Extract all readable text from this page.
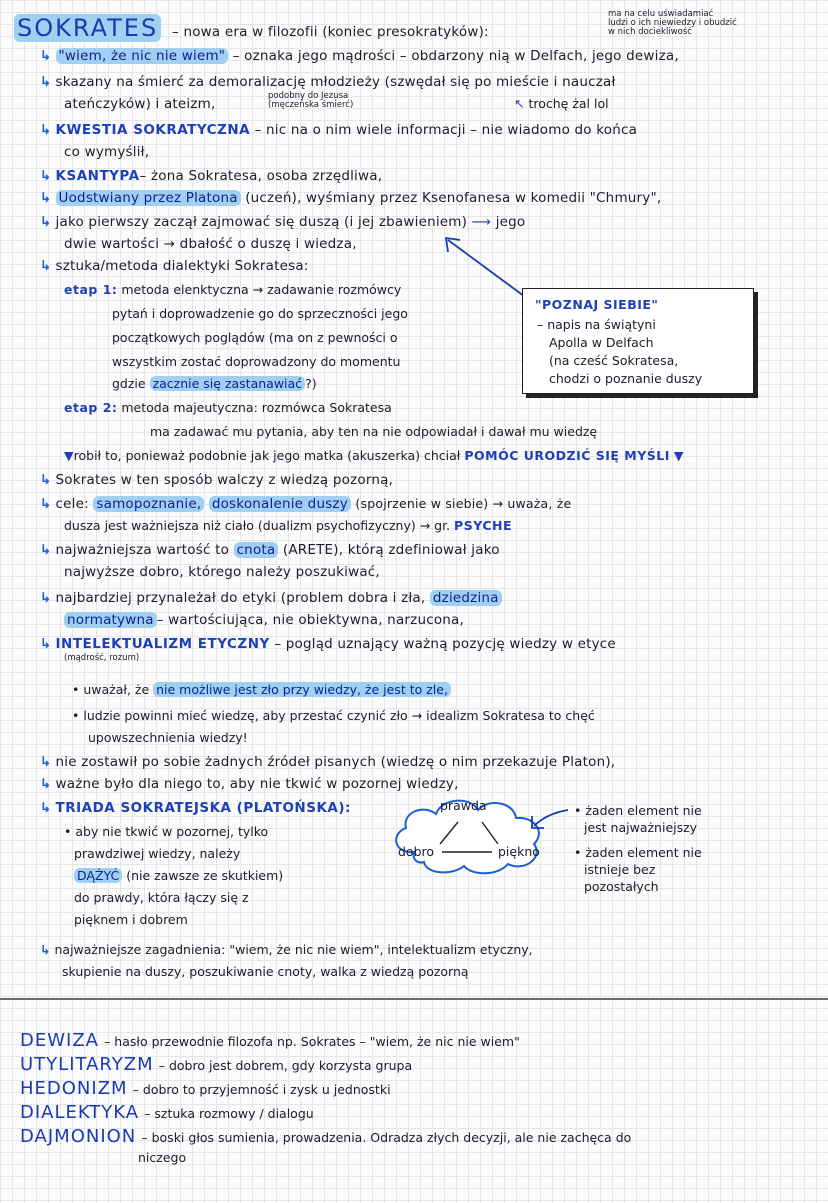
SOKRATES – nowa era w filozofii (koniec presokratyków):
ma na celu uświadamiać
ludzi o ich niewiedzy i obudzić
w nich dociekliwość
↳ "wiem, że nic nie wiem" – oznaka jego mądrości – obdarzony nią w Delfach, jego dewiza,
↳ skazany na śmierć za demoralizację młodzieży (szwędał się po mieście i nauczał
ateńczyków) i ateizm,	podobny do Jezusa
(męczeńska śmierć)	↖ trochę żal lol
↳ KWESTIA SOKRATYCZNA – nic na o nim wiele informacji – nie wiadomo do końca
co wymyślił,
↳ KSANTYPA– żona Sokratesa, osoba zrzędliwa,
↳ Uodstwiany przez Platona (uczeń), wyśmiany przez Ksenofanesa w komedii "Chmury",
↳ jako pierwszy zaczął zajmować się duszą (i jej zbawieniem) ⟶ jego
dwie wartości → dbałość o duszę i wiedza,
↳ sztuka/metoda dialektyki Sokratesa:
etap 1: metoda elenktyczna → zadawanie rozmówcy
pytań i doprowadzenie go do sprzeczności jego
początkowych poglądów (ma on z pewności o
wszystkim zostać doprowadzony do momentu
gdzie zacznie się zastanawiać ?)
"POZNAJ SIEBIE"
– napis na świątyni
Apolla w Delfach
(na cześć Sokratesa,
chodzi o poznanie duszy
etap 2: metoda majeutyczna: rozmówca Sokratesa
ma zadawać mu pytania, aby ten na nie odpowiadał i dawał mu wiedzę
▼robił to, ponieważ podobnie jak jego matka (akuszerka) chciał POMÓC URODZIĆ SIĘ MYŚLI ▼
↳ Sokrates w ten sposób walczy z wiedzą pozorną,
↳ cele: samopoznanie, doskonalenie duszy (spojrzenie w siebie) → uważa, że
dusza jest ważniejsza niż ciało (dualizm psychofizyczny) → gr. PSYCHE
↳ najważniejsza wartość to cnota (ARETE), którą zdefiniował jako
najwyższe dobro, którego należy poszukiwać,
↳ najbardziej przynależał do etyki (problem dobra i zła, dziedzina
normatywna – wartościująca, nie obiektywna, narzucona,
↳ INTELEKTUALIZM ETYCZNY – pogląd uznający ważną pozycję wiedzy w etyce
(mądrość, rozum)
• uważał, że nie możliwe jest zło przy wiedzy, że jest to zle,
• ludzie powinni mieć wiedzę, aby przestać czynić zło → idealizm Sokratesa to chęć
upowszechnienia wiedzy!
↳ nie zostawił po sobie żadnych źródeł pisanych (wiedzę o nim przekazuje Platon),
↳ ważne było dla niego to, aby nie tkwić w pozornej wiedzy,
↳ TRIADA SOKRATEJSKA (PLATOŃSKA):
• aby nie tkwić w pozornej, tylko
prawdziwej wiedzy, należy
DĄŻYĆ (nie zawsze ze skutkiem)
do prawdy, która łączy się z
pięknem i dobrem
prawda
dobro	piękno
• żaden element nie
jest najważniejszy
• żaden element nie
istnieje bez
pozostałych
↳ najważniejsze zagadnienia: "wiem, że nic nie wiem", intelektualizm etyczny,
skupienie na duszy, poszukiwanie cnoty, walka z wiedzą pozorną
DEWIZA – hasło przewodnie filozofa np. Sokrates – "wiem, że nic nie wiem"
UTYLITARYZM – dobro jest dobrem, gdy korzysta grupa
HEDONIZM – dobro to przyjemność i zysk u jednostki
DIALEKTYKA – sztuka rozmowy / dialogu
DAJMONION – boski głos sumienia, prowadzenia. Odradza złych decyzji, ale nie zachęca do
niczego
